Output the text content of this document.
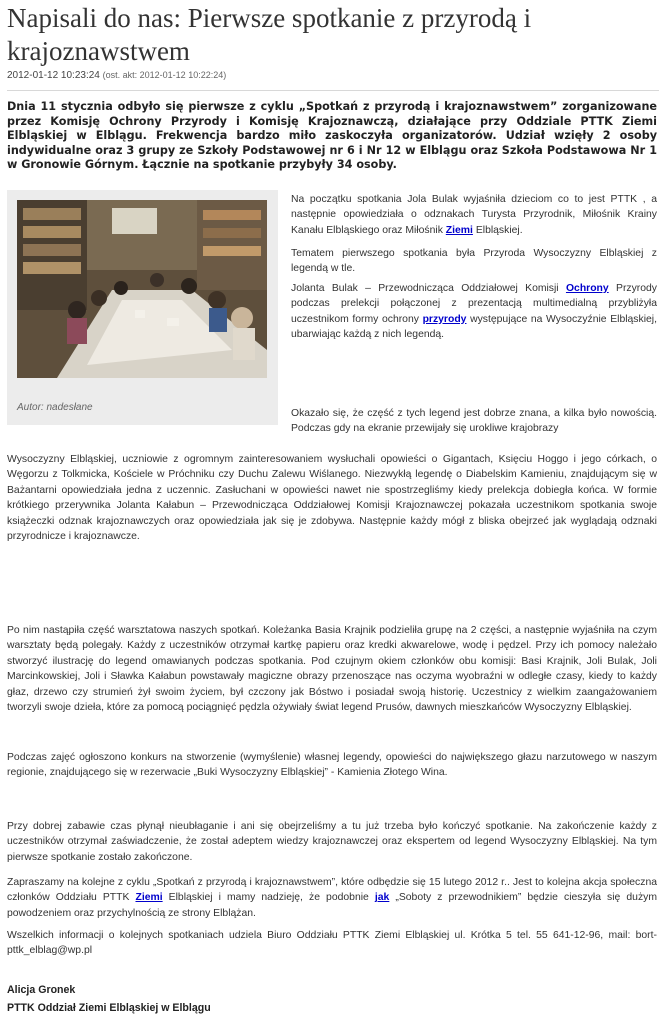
Napisali do nas: Pierwsze spotkanie z przyrodą i krajoznawstwem
2012-01-12 10:23:24 (ost. akt: 2012-01-12 10:22:24)

Dnia 11 stycznia odbyło się pierwsze z cyklu „Spotkań z przyrodą i krajoznawstwem” zorganizowane przez Komisję Ochrony Przyrody i Komisję Krajoznawczą, działające przy Oddziale PTTK Ziemi Elbląskiej w Elblągu. Frekwencja bardzo miło zaskoczyła organizatorów. Udział wzięły 2 osoby indywidualne oraz 3 grupy ze Szkoły Podstawowej nr 6 i Nr 12 w Elblągu oraz Szkoła Podstawowa Nr 1 w Gronowie Górnym. Łącznie na spotkanie przybyły 34 osoby.

Autor: nadesłane

Na początku spotkania Jola Bulak wyjaśniła dzieciom co to jest PTTK , a następnie opowiedziała o odznakach Turysta Przyrodnik, Miłośnik Krainy Kanału Elbląskiego oraz Miłośnik Ziemi Elbląskiej.

Tematem pierwszego spotkania była Przyroda Wysoczyzny Elbląskiej z legendą w tle.

Jolanta Bulak – Przewodnicząca Oddziałowej Komisji Ochrony Przyrody podczas prelekcji połączonej z prezentacją multimedialną przybliżyła uczestnikom formy ochrony przyrody występujące na Wysoczyźnie Elbląskiej, ubarwiając każdą z nich legendą.

Okazało się, że część z tych legend jest dobrze znana, a kilka było nowością. Podczas gdy na ekranie przewijały się urokliwe krajobrazy

Wysoczyzny Elbląskiej, uczniowie z ogromnym zainteresowaniem wysłuchali opowieści o Gigantach, Księciu Hoggo i jego córkach, o Węgorzu z Tolkmicka, Kościele w Próchniku czy Duchu Zalewu Wiślanego. Niezwykłą legendę o Diabelskim Kamieniu, znajdującym się w Bażantarni opowiedziała jedna z uczennic. Zasłuchani w opowieści nawet nie spostrzegliśmy kiedy prelekcja dobiegła końca. W formie krótkiego przerywnika Jolanta Kałabun – Przewodnicząca Oddziałowej Komisji Krajoznawczej pokazała uczestnikom spotkania swoje książeczki odznak krajoznawczych oraz opowiedziała jak się je zdobywa. Następnie każdy mógł z bliska obejrzeć jak wyglądają odznaki przyrodnicze i krajoznawcze.

Po nim nastąpiła część warsztatowa naszych spotkań. Koleżanka Basia Krajnik podzieliła grupę na 2 części, a następnie wyjaśniła na czym warsztaty będą polegały. Każdy z uczestników otrzymał kartkę papieru oraz kredki akwarelowe, wodę i pędzel. Przy ich pomocy należało stworzyć ilustrację do legend omawianych podczas spotkania. Pod czujnym okiem członków obu komisji: Basi Krajnik, Joli Bulak, Joli Marcinkowskiej, Joli i Sławka Kałabun powstawały magiczne obrazy przenoszące nas oczyma wyobraźni w odległe czasy, kiedy to każdy głaz, drzewo czy strumień żył swoim życiem, był czczony jak Bóstwo i posiadał swoją historię. Uczestnicy z wielkim zaangażowaniem tworzyli swoje dzieła, które za pomocą pociągnięć pędzla ożywiały świat legend Prusów, dawnych mieszkańców Wysoczyzny Elbląskiej.

Podczas zajęć ogłoszono konkurs na stworzenie (wymyślenie) własnej legendy, opowieści do największego głazu narzutowego w naszym regionie, znajdującego się w rezerwacie „Buki Wysoczyzny Elbląskiej” - Kamienia Złotego Wina.

Przy dobrej zabawie czas płynął nieubłaganie i ani się obejrzeliśmy a tu już trzeba było kończyć spotkanie. Na zakończenie każdy z uczestników otrzymał zaświadczenie, że został adeptem wiedzy krajoznawczej oraz ekspertem od legend Wysoczyzny Elbląskiej. Na tym pierwsze spotkanie zostało zakończone.

Zapraszamy na kolejne z cyklu „Spotkań z przyrodą i krajoznawstwem”, które odbędzie się 15 lutego 2012 r.. Jest to kolejna akcja społeczna członków Oddziału PTTK Ziemi Elbląskiej i mamy nadzieję, że podobnie jak „Soboty z przewodnikiem” będzie cieszyła się dużym powodzeniem oraz przychylnością ze strony Elblążan.

Wszelkich informacji o kolejnych spotkaniach udziela Biuro Oddziału PTTK Ziemi Elbląskiej ul. Krótka 5 tel. 55 641-12-96, mail: bort-pttk_elblag@wp.pl

Alicja Gronek
PTTK Oddział Ziemi Elbląskiej w Elblągu
